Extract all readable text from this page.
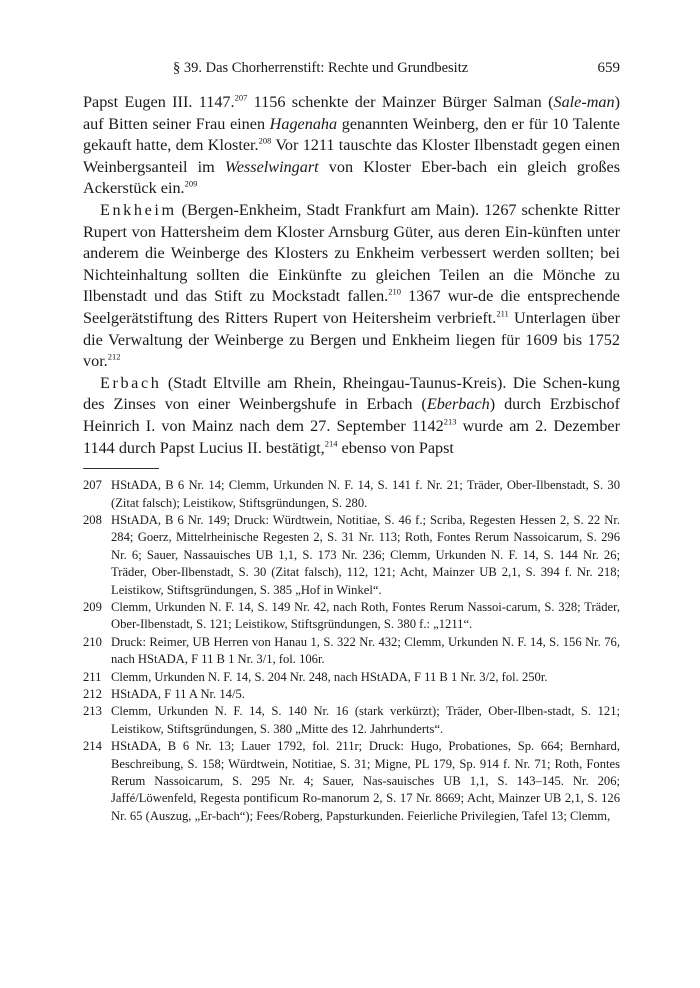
§ 39. Das Chorherrenstift: Rechte und Grundbesitz	659

Papst Eugen III. 1147.$^{207}$ 1156 schenkte der Mainzer Bürger Salman (Sale-man) auf Bitten seiner Frau einen Hagenaha genannten Weinberg, den er für 10 Talente gekauft hatte, dem Kloster.$^{208}$ Vor 1211 tauschte das Kloster Ilbenstadt gegen einen Weinbergsanteil im Wesselwingart von Kloster Eber-bach ein gleich großes Ackerstück ein.$^{209}$

Enkheim (Bergen-Enkheim, Stadt Frankfurt am Main). 1267 schenkte Ritter Rupert von Hattersheim dem Kloster Arnsburg Güter, aus deren Ein-künften unter anderem die Weinberge des Klosters zu Enkheim verbessert werden sollten; bei Nichteinhaltung sollten die Einkünfte zu gleichen Teilen an die Mönche zu Ilbenstadt und das Stift zu Mockstadt fallen.$^{210}$ 1367 wur-de die entsprechende Seelgerätstiftung des Ritters Rupert von Heitersheim verbrieft.$^{211}$ Unterlagen über die Verwaltung der Weinberge zu Bergen und Enkheim liegen für 1609 bis 1752 vor.$^{212}$

Erbach (Stadt Eltville am Rhein, Rheingau-Taunus-Kreis). Die Schen-kung des Zinses von einer Weinbergshufe in Erbach (Eberbach) durch Erzbischof Heinrich I. von Mainz nach dem 27. September 1142$^{213}$ wurde am 2. Dezember 1144 durch Papst Lucius II. bestätigt,$^{214}$ ebenso von Papst

207 HStADA, B 6 Nr. 14; Clemm, Urkunden N. F. 14, S. 141 f. Nr. 21; Träder, Ober-Ilbenstadt, S. 30 (Zitat falsch); Leistikow, Stiftsgründungen, S. 280.
208 HStADA, B 6 Nr. 149; Druck: Würdtwein, Notitiae, S. 46 f.; Scriba, Regesten Hessen 2, S. 22 Nr. 284; Goerz, Mittelrheinische Regesten 2, S. 31 Nr. 113; Roth, Fontes Rerum Nassoicarum, S. 296 Nr. 6; Sauer, Nassauisches UB 1,1, S. 173 Nr. 236; Clemm, Urkunden N. F. 14, S. 144 Nr. 26; Träder, Ober-Ilbenstadt, S. 30 (Zitat falsch), 112, 121; Acht, Mainzer UB 2,1, S. 394 f. Nr. 218; Leistikow, Stiftsgründungen, S. 385 „Hof in Winkel“.
209 Clemm, Urkunden N. F. 14, S. 149 Nr. 42, nach Roth, Fontes Rerum Nassoi-carum, S. 328; Träder, Ober-Ilbenstadt, S. 121; Leistikow, Stiftsgründungen, S. 380 f.: „1211“.
210 Druck: Reimer, UB Herren von Hanau 1, S. 322 Nr. 432; Clemm, Urkunden N. F. 14, S. 156 Nr. 76, nach HStADA, F 11 B 1 Nr. 3/1, fol. 106r.
211 Clemm, Urkunden N. F. 14, S. 204 Nr. 248, nach HStADA, F 11 B 1 Nr. 3/2, fol. 250r.
212 HStADA, F 11 A Nr. 14/5.
213 Clemm, Urkunden N. F. 14, S. 140 Nr. 16 (stark verkürzt); Träder, Ober-Ilben-stadt, S. 121; Leistikow, Stiftsgründungen, S. 380 „Mitte des 12. Jahrhunderts“.
214 HStADA, B 6 Nr. 13; Lauer 1792, fol. 211r; Druck: Hugo, Probationes, Sp. 664; Bernhard, Beschreibung, S. 158; Würdtwein, Notitiae, S. 31; Migne, PL 179, Sp. 914 f. Nr. 71; Roth, Fontes Rerum Nassoicarum, S. 295 Nr. 4; Sauer, Nas-sauisches UB 1,1, S. 143–145. Nr. 206; Jaffé/Löwenfeld, Regesta pontificum Ro-manorum 2, S. 17 Nr. 8669; Acht, Mainzer UB 2,1, S. 126 Nr. 65 (Auszug, „Er-bach“); Fees/Roberg, Papsturkunden. Feierliche Privilegien, Tafel 13; Clemm,
